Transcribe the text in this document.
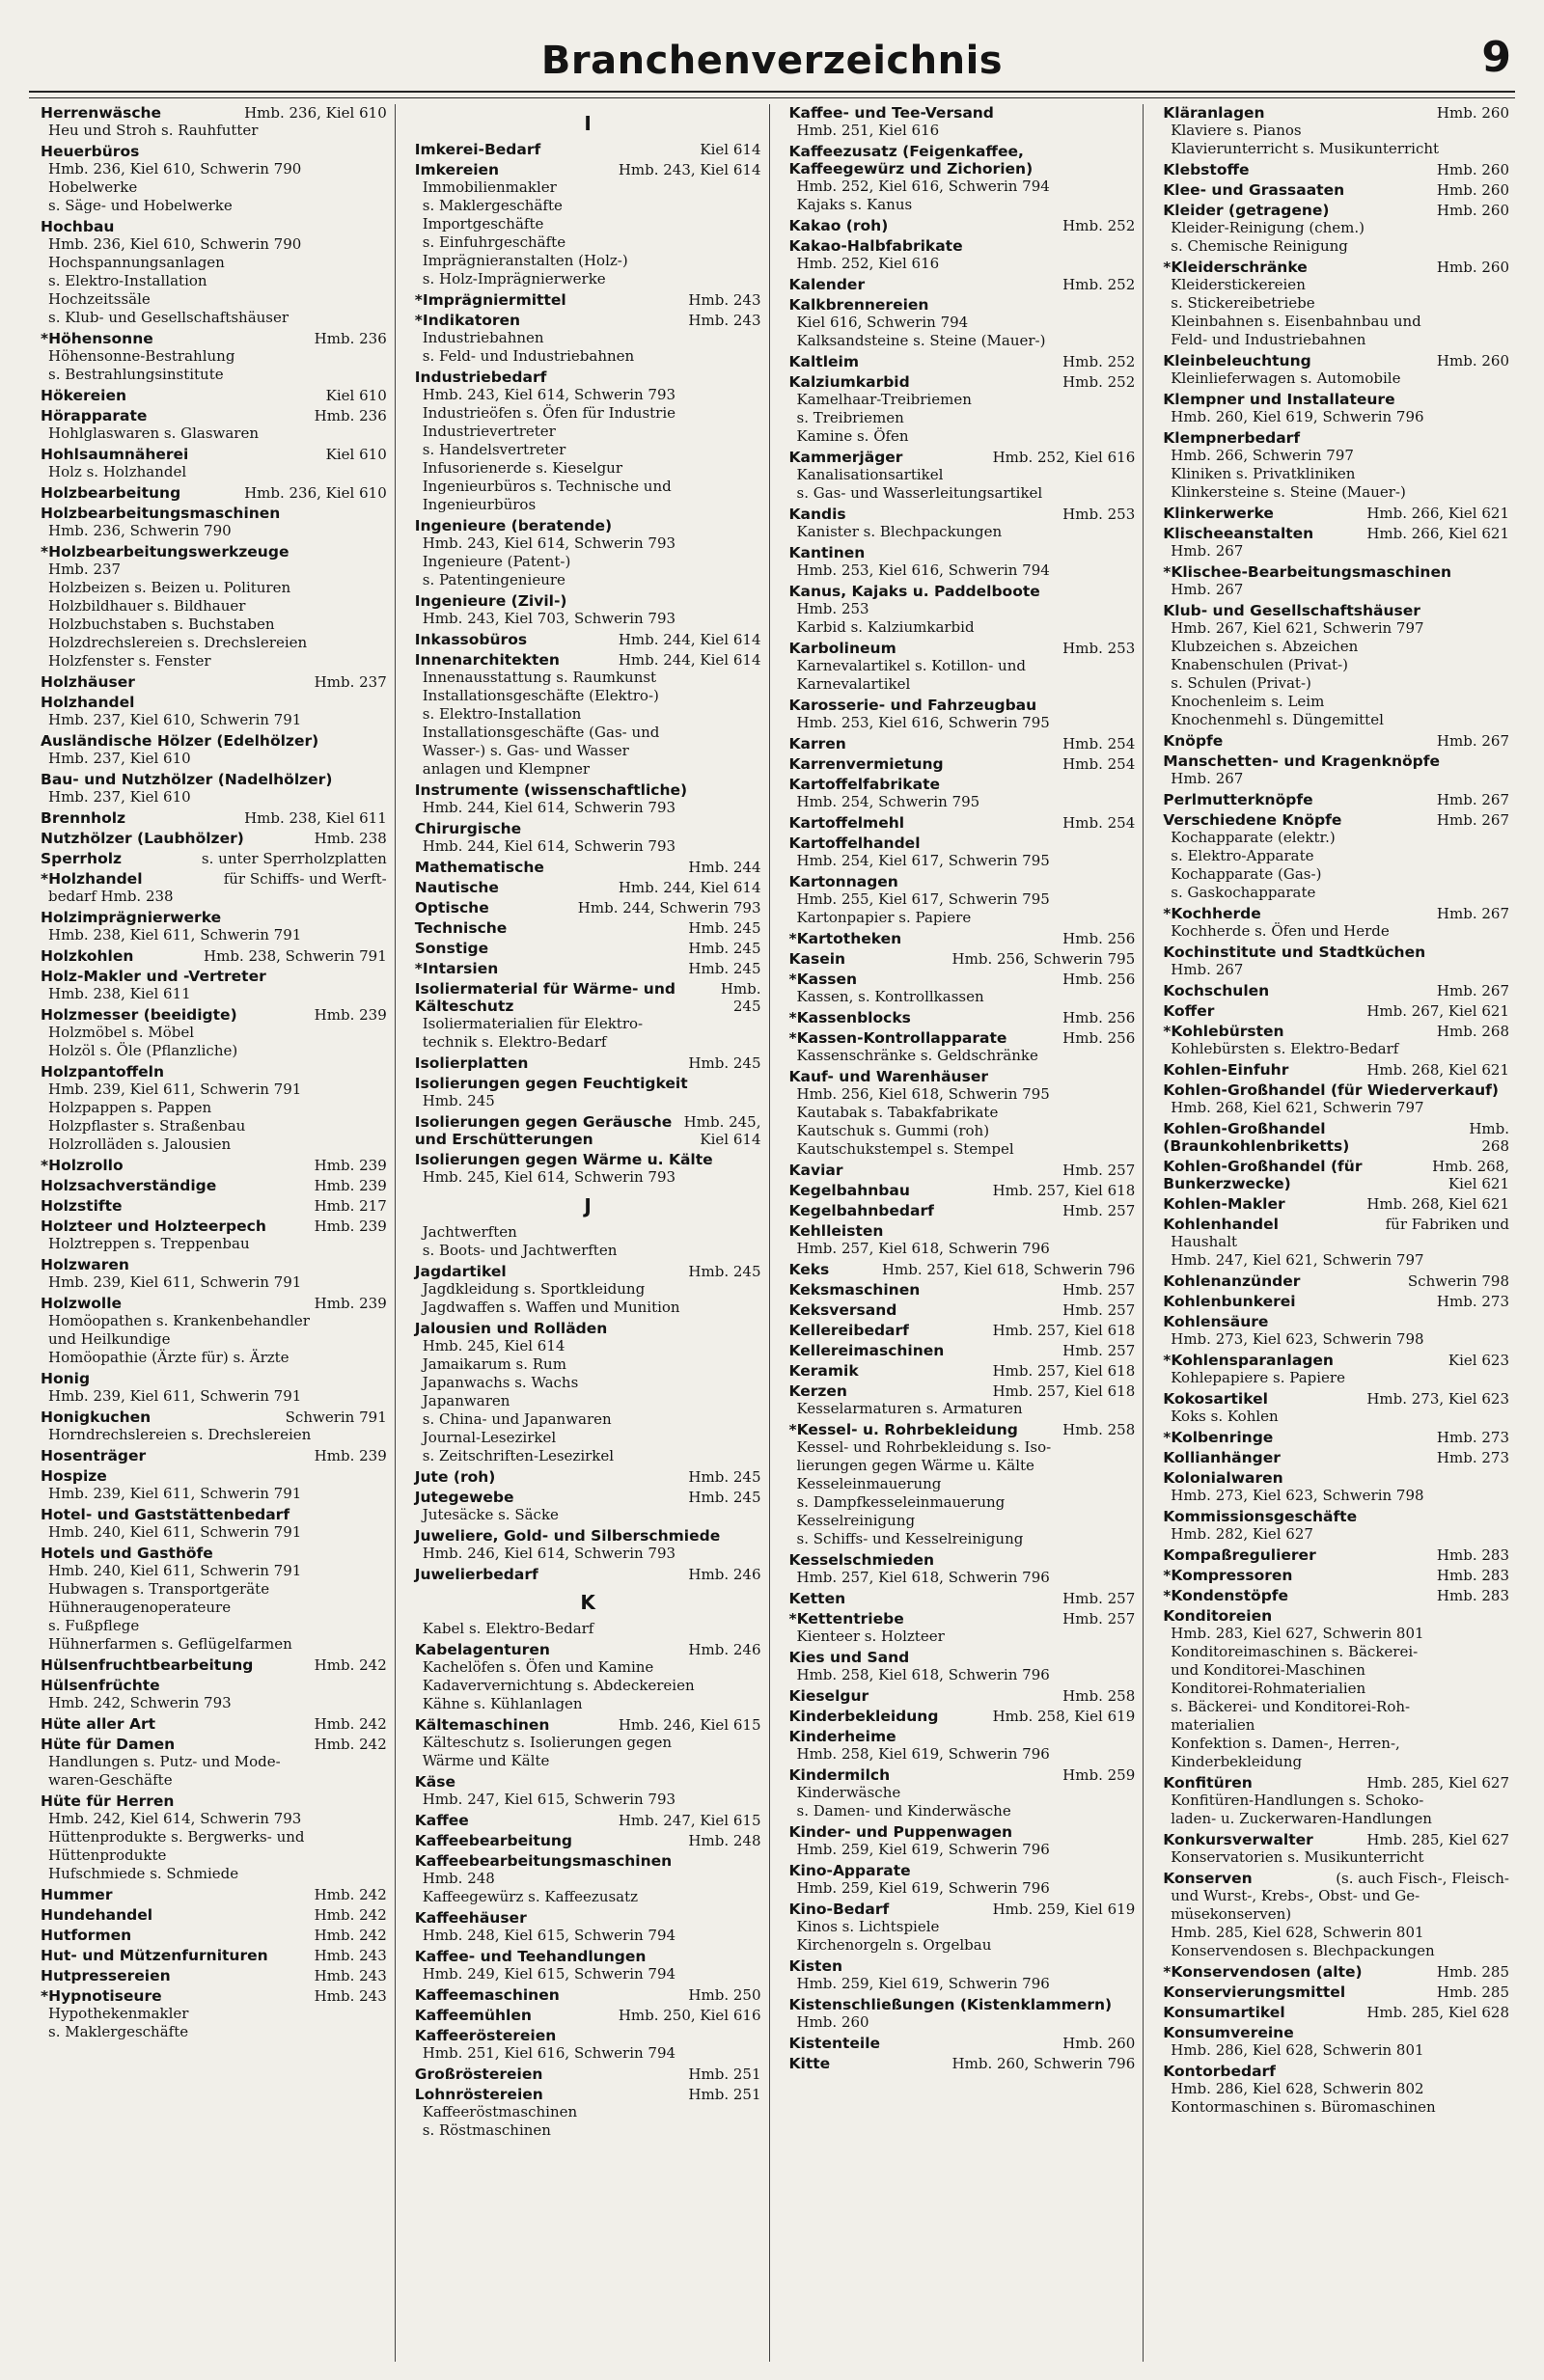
Branchenverzeichnis	9
Herrenwäsche	Hmb. 236, Kiel 610
Heu und Stroh s. Rauhfutter
Heuerbüros
Hmb. 236, Kiel 610, Schwerin 790
Hobelwerke
s. Säge- und Hobelwerke
Hochbau
Hmb. 236, Kiel 610, Schwerin 790
Hochspannungsanlagen
s. Elektro-Installation
Hochzeitssäle
s. Klub- und Gesellschaftshäuser
*Höhensonne	Hmb. 236
Höhensonne-Bestrahlung
s. Bestrahlungsinstitute
Hökereien	Kiel 610
Hörapparate	Hmb. 236
Hohlglaswaren s. Glaswaren
Hohlsaumnäherei	Kiel 610
Holz s. Holzhandel
Holzbearbeitung	Hmb. 236, Kiel 610
Holzbearbeitungsmaschinen
Hmb. 236, Schwerin 790
*Holzbearbeitungswerkzeuge
Hmb. 237
Holzbeizen s. Beizen u. Polituren
Holzbildhauer s. Bildhauer
Holzbuchstaben s. Buchstaben
Holzdrechslereien s. Drechslereien
Holzfenster s. Fenster
Holzhäuser	Hmb. 237
Holzhandel
Hmb. 237, Kiel 610, Schwerin 791
Ausländische Hölzer (Edelhölzer)
Hmb. 237, Kiel 610
Bau- und Nutzhölzer (Nadelhölzer)
Hmb. 237, Kiel 610
Brennholz	Hmb. 238, Kiel 611
Nutzhölzer (Laubhölzer)	Hmb. 238
Sperrholz	s. unter Sperrholzplatten
*Holzhandel	für Schiffs- und Werft-
bedarf Hmb. 238
Holzimprägnierwerke
Hmb. 238, Kiel 611, Schwerin 791
Holzkohlen	Hmb. 238, Schwerin 791
Holz-Makler und -Vertreter
Hmb. 238, Kiel 611
Holzmesser (beeidigte)	Hmb. 239
Holzmöbel s. Möbel
Holzöl s. Öle (Pflanzliche)
Holzpantoffeln
Hmb. 239, Kiel 611, Schwerin 791
Holzpappen s. Pappen
Holzpflaster s. Straßenbau
Holzrolläden s. Jalousien
*Holzrollo	Hmb. 239
Holzsachverständige	Hmb. 239
Holzstifte	Hmb. 217
Holzteer und Holzteerpech	Hmb. 239
Holztreppen s. Treppenbau
Holzwaren
Hmb. 239, Kiel 611, Schwerin 791
Holzwolle	Hmb. 239
Homöopathen s. Krankenbehandler
und Heilkundige
Homöopathie (Ärzte für) s. Ärzte
Honig
Hmb. 239, Kiel 611, Schwerin 791
Honigkuchen	Schwerin 791
Horndrechslereien s. Drechslereien
Hosenträger	Hmb. 239
Hospize
Hmb. 239, Kiel 611, Schwerin 791
Hotel- und Gaststättenbedarf
Hmb. 240, Kiel 611, Schwerin 791
Hotels und Gasthöfe
Hmb. 240, Kiel 611, Schwerin 791
Hubwagen s. Transportgeräte
Hühneraugenoperateure
s. Fußpflege
Hühnerfarmen s. Geflügelfarmen
Hülsenfruchtbearbeitung	Hmb. 242
Hülsenfrüchte
Hmb. 242, Schwerin 793
Hüte aller Art	Hmb. 242
Hüte für Damen	Hmb. 242
Handlungen s. Putz- und Mode-
waren-Geschäfte
Hüte für Herren
Hmb. 242, Kiel 614, Schwerin 793
Hüttenprodukte s. Bergwerks- und
Hüttenprodukte
Hufschmiede s. Schmiede
Hummer	Hmb. 242
Hundehandel	Hmb. 242
Hutformen	Hmb. 242
Hut- und Mützenfurnituren	Hmb. 243
Hutpressereien	Hmb. 243
*Hypnotiseure	Hmb. 243
Hypothekenmakler
s. Maklergeschäfte
I
Imkerei-Bedarf	Kiel 614
Imkereien	Hmb. 243, Kiel 614
Immobilienmakler
s. Maklergeschäfte
Importgeschäfte
s. Einfuhrgeschäfte
Imprägnieranstalten (Holz-)
s. Holz-Imprägnierwerke
*Imprägniermittel	Hmb. 243
*Indikatoren	Hmb. 243
Industriebahnen
s. Feld- und Industriebahnen
Industriebedarf
Hmb. 243, Kiel 614, Schwerin 793
Industrieöfen s. Öfen für Industrie
Industrievertreter
s. Handelsvertreter
Infusorienerde s. Kieselgur
Ingenieurbüros s. Technische und
Ingenieurbüros
Ingenieure (beratende)
Hmb. 243, Kiel 614, Schwerin 793
Ingenieure (Patent-)
s. Patentingenieure
Ingenieure (Zivil-)
Hmb. 243, Kiel 703, Schwerin 793
Inkassobüros	Hmb. 244, Kiel 614
Innenarchitekten	Hmb. 244, Kiel 614
Innenausstattung s. Raumkunst
Installationsgeschäfte (Elektro-)
s. Elektro-Installation
Installationsgeschäfte (Gas- und
Wasser-) s. Gas- und Wasser
anlagen und Klempner
Instrumente (wissenschaftliche)
Hmb. 244, Kiel 614, Schwerin 793
Chirurgische
Hmb. 244, Kiel 614, Schwerin 793
Mathematische	Hmb. 244
Nautische	Hmb. 244, Kiel 614
Optische	Hmb. 244, Schwerin 793
Technische	Hmb. 245
Sonstige	Hmb. 245
*Intarsien	Hmb. 245
Isoliermaterial für Wärme- und Kälteschutz
Hmb. 245
Isoliermaterialien für Elektro-
technik s. Elektro-Bedarf
Isolierplatten	Hmb. 245
Isolierungen gegen Feuchtigkeit
Hmb. 245
Isolierungen gegen Geräusche und Erschütterungen
Hmb. 245, Kiel 614
Isolierungen gegen Wärme u. Kälte
Hmb. 245, Kiel 614, Schwerin 793
J
Jachtwerften
s. Boots- und Jachtwerften
Jagdartikel	Hmb. 245
Jagdkleidung s. Sportkleidung
Jagdwaffen s. Waffen und Munition
Jalousien und Rolläden
Hmb. 245, Kiel 614
Jamaikarum s. Rum
Japanwachs s. Wachs
Japanwaren
s. China- und Japanwaren
Journal-Lesezirkel
s. Zeitschriften-Lesezirkel
Jute (roh)	Hmb. 245
Jutegewebe	Hmb. 245
Jutesäcke s. Säcke
Juweliere, Gold- und Silberschmiede
Hmb. 246, Kiel 614, Schwerin 793
Juwelierbedarf	Hmb. 246
K
Kabel s. Elektro-Bedarf
Kabelagenturen	Hmb. 246
Kachelöfen s. Öfen und Kamine
Kadaververnichtung s. Abdeckereien
Kähne s. Kühlanlagen
Kältemaschinen	Hmb. 246, Kiel 615
Kälteschutz s. Isolierungen gegen
Wärme und Kälte
Käse
Hmb. 247, Kiel 615, Schwerin 793
Kaffee	Hmb. 247, Kiel 615
Kaffeebearbeitung	Hmb. 248
Kaffeebearbeitungsmaschinen
Hmb. 248
Kaffeegewürz s. Kaffeezusatz
Kaffeehäuser
Hmb. 248, Kiel 615, Schwerin 794
Kaffee- und Teehandlungen
Hmb. 249, Kiel 615, Schwerin 794
Kaffeemaschinen	Hmb. 250
Kaffeemühlen	Hmb. 250, Kiel 616
Kaffeeröstereien
Hmb. 251, Kiel 616, Schwerin 794
Großröstereien	Hmb. 251
Lohnröstereien	Hmb. 251
Kaffeeröstmaschinen
s. Röstmaschinen
Kaffee- und Tee-Versand
Hmb. 251, Kiel 616
Kaffeezusatz (Feigenkaffee, Kaffeegewürz und Zichorien)
Hmb. 252, Kiel 616, Schwerin 794
Kajaks s. Kanus
Kakao (roh)	Hmb. 252
Kakao-Halbfabrikate
Hmb. 252, Kiel 616
Kalender	Hmb. 252
Kalkbrennereien
Kiel 616, Schwerin 794
Kalksandsteine s. Steine (Mauer-)
Kaltleim	Hmb. 252
Kalziumkarbid	Hmb. 252
Kamelhaar-Treibriemen
s. Treibriemen
Kamine s. Öfen
Kammerjäger	Hmb. 252, Kiel 616
Kanalisationsartikel
s. Gas- und Wasserleitungsartikel
Kandis	Hmb. 253
Kanister s. Blechpackungen
Kantinen
Hmb. 253, Kiel 616, Schwerin 794
Kanus, Kajaks u. Paddelboote
Hmb. 253
Karbid s. Kalziumkarbid
Karbolineum	Hmb. 253
Karnevalartikel s. Kotillon- und
Karnevalartikel
Karosserie- und Fahrzeugbau
Hmb. 253, Kiel 616, Schwerin 795
Karren	Hmb. 254
Karrenvermietung	Hmb. 254
Kartoffelfabrikate
Hmb. 254, Schwerin 795
Kartoffelmehl	Hmb. 254
Kartoffelhandel
Hmb. 254, Kiel 617, Schwerin 795
Kartonnagen
Hmb. 255, Kiel 617, Schwerin 795
Kartonpapier s. Papiere
*Kartotheken	Hmb. 256
Kasein	Hmb. 256, Schwerin 795
*Kassen	Hmb. 256
Kassen, s. Kontrollkassen
*Kassenblocks	Hmb. 256
*Kassen-Kontrollapparate	Hmb. 256
Kassenschränke s. Geldschränke
Kauf- und Warenhäuser
Hmb. 256, Kiel 618, Schwerin 795
Kautabak s. Tabakfabrikate
Kautschuk s. Gummi (roh)
Kautschukstempel s. Stempel
Kaviar	Hmb. 257
Kegelbahnbau	Hmb. 257, Kiel 618
Kegelbahnbedarf	Hmb. 257
Kehlleisten
Hmb. 257, Kiel 618, Schwerin 796
Keks	Hmb. 257, Kiel 618, Schwerin 796
Keksmaschinen	Hmb. 257
Keksversand	Hmb. 257
Kellereibedarf	Hmb. 257, Kiel 618
Kellereimaschinen	Hmb. 257
Keramik	Hmb. 257, Kiel 618
Kerzen	Hmb. 257, Kiel 618
Kesselarmaturen s. Armaturen
*Kessel- u. Rohrbekleidung	Hmb. 258
Kessel- und Rohrbekleidung s. Iso-
lierungen gegen Wärme u. Kälte
Kesseleinmauerung
s. Dampfkesseleinmauerung
Kesselreinigung
s. Schiffs- und Kesselreinigung
Kesselschmieden
Hmb. 257, Kiel 618, Schwerin 796
Ketten	Hmb. 257
*Kettentriebe	Hmb. 257
Kienteer s. Holzteer
Kies und Sand
Hmb. 258, Kiel 618, Schwerin 796
Kieselgur	Hmb. 258
Kinderbekleidung	Hmb. 258, Kiel 619
Kinderheime
Hmb. 258, Kiel 619, Schwerin 796
Kindermilch	Hmb. 259
Kinderwäsche
s. Damen- und Kinderwäsche
Kinder- und Puppenwagen
Hmb. 259, Kiel 619, Schwerin 796
Kino-Apparate
Hmb. 259, Kiel 619, Schwerin 796
Kino-Bedarf	Hmb. 259, Kiel 619
Kinos s. Lichtspiele
Kirchenorgeln s. Orgelbau
Kisten
Hmb. 259, Kiel 619, Schwerin 796
Kistenschließungen (Kistenklammern)
Hmb. 260
Kistenteile	Hmb. 260
Kitte	Hmb. 260, Schwerin 796
Kläranlagen	Hmb. 260
Klaviere s. Pianos
Klavierunterricht s. Musikunterricht
Klebstoffe	Hmb. 260
Klee- und Grassaaten	Hmb. 260
Kleider (getragene)	Hmb. 260
Kleider-Reinigung (chem.)
s. Chemische Reinigung
*Kleiderschränke	Hmb. 260
Kleiderstickereien
s. Stickereibetriebe
Kleinbahnen s. Eisenbahnbau und
Feld- und Industriebahnen
Kleinbeleuchtung	Hmb. 260
Kleinlieferwagen s. Automobile
Klempner und Installateure
Hmb. 260, Kiel 619, Schwerin 796
Klempnerbedarf
Hmb. 266, Schwerin 797
Kliniken s. Privatkliniken
Klinkersteine s. Steine (Mauer-)
Klinkerwerke	Hmb. 266, Kiel 621
Klischeeanstalten	Hmb. 266, Kiel 621
Hmb. 267
*Klischee-Bearbeitungsmaschinen
Hmb. 267
Klub- und Gesellschaftshäuser
Hmb. 267, Kiel 621, Schwerin 797
Klubzeichen s. Abzeichen
Knabenschulen (Privat-)
s. Schulen (Privat-)
Knochenleim s. Leim
Knochenmehl s. Düngemittel
Knöpfe	Hmb. 267
Manschetten- und Kragenknöpfe
Hmb. 267
Perlmutterknöpfe	Hmb. 267
Verschiedene Knöpfe	Hmb. 267
Kochapparate (elektr.)
s. Elektro-Apparate
Kochapparate (Gas-)
s. Gaskochapparate
*Kochherde	Hmb. 267
Kochherde s. Öfen und Herde
Kochinstitute und Stadtküchen
Hmb. 267
Kochschulen	Hmb. 267
Koffer	Hmb. 267, Kiel 621
*Kohlebürsten	Hmb. 268
Kohlebürsten s. Elektro-Bedarf
Kohlen-Einfuhr	Hmb. 268, Kiel 621
Kohlen-Großhandel (für Wiederverkauf)
Hmb. 268, Kiel 621, Schwerin 797
Kohlen-Großhandel (Braunkohlenbriketts)
Hmb. 268
Kohlen-Großhandel (für Bunkerzwecke)
Hmb. 268, Kiel 621
Kohlen-Makler	Hmb. 268, Kiel 621
Kohlenhandel	für Fabriken und
Haushalt
Hmb. 247, Kiel 621, Schwerin 797
Kohlenanzünder	Schwerin 798
Kohlenbunkerei	Hmb. 273
Kohlensäure
Hmb. 273, Kiel 623, Schwerin 798
*Kohlensparanlagen	Kiel 623
Kohlepapiere s. Papiere
Kokosartikel	Hmb. 273, Kiel 623
Koks s. Kohlen
*Kolbenringe	Hmb. 273
Kollianhänger	Hmb. 273
Kolonialwaren
Hmb. 273, Kiel 623, Schwerin 798
Kommissionsgeschäfte
Hmb. 282, Kiel 627
Kompaßregulierer	Hmb. 283
*Kompressoren	Hmb. 283
*Kondenstöpfe	Hmb. 283
Konditoreien
Hmb. 283, Kiel 627, Schwerin 801
Konditoreimaschinen s. Bäckerei-
und Konditorei-Maschinen
Konditorei-Rohmaterialien
s. Bäckerei- und Konditorei-Roh-
materialien
Konfektion s. Damen-, Herren-,
Kinderbekleidung
Konfitüren	Hmb. 285, Kiel 627
Konfitüren-Handlungen s. Schoko-
laden- u. Zuckerwaren-Handlungen
Konkursverwalter	Hmb. 285, Kiel 627
Konservatorien s. Musikunterricht
Konserven	(s. auch Fisch-, Fleisch-
und Wurst-, Krebs-, Obst- und Ge-
müsekonserven)
Hmb. 285, Kiel 628, Schwerin 801
Konservendosen s. Blechpackungen
*Konservendosen (alte)	Hmb. 285
Konservierungsmittel	Hmb. 285
Konsumartikel	Hmb. 285, Kiel 628
Konsumvereine
Hmb. 286, Kiel 628, Schwerin 801
Kontorbedarf
Hmb. 286, Kiel 628, Schwerin 802
Kontormaschinen s. Büromaschinen
